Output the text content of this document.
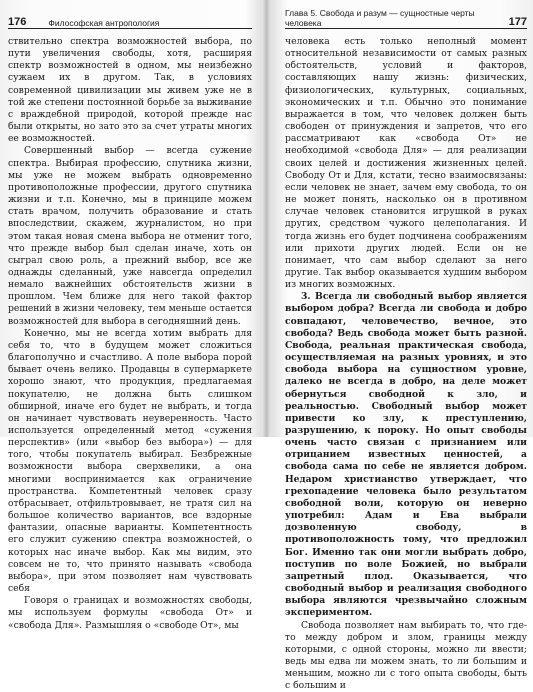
176	Философская антропология

ствительно спектра возможностей выбора, по пути увеличения свободы, хотя, расширяя спектр возможностей в одном, мы неизбежно сужаем их в другом. Так, в условиях современной цивилизации мы живем уже не в той же степени постоянной борьбе за выживание с враждебной природой, которой прежде нас были открыты, но зато это за счет утраты многих ее возможностей.

Совершенный выбор — всегда сужение спектра. Выбирая профессию, спутника жизни, мы уже не можем выбрать одновременно противоположные профессии, другого спутника жизни и т.п. Конечно, мы в принципе можем стать врачом, получить образование и стать впоследствии, скажем, журналистом, но при этом такая новая смена выбора не отменит того, что прежде выбор был сделан иначе, хоть он сыграл свою роль, а прежний выбор, все же однажды сделанный, уже навсегда определил немало важнейших обстоятельств жизни в прошлом. Чем ближе для него такой фактор решений в жизни человеку, тем меньше остается возможностей для выбора в сегодняшний день.

Конечно, мы не всегда хотим выбрать для себя то, что в будущем может сложиться благополучно и счастливо. А поле выбора порой бывает очень велико. Продавцы в супермаркете хорошо знают, что продукция, предлагаемая покупателю, не должна быть слишком обширной, иначе его будет не выбрать, и тогда он начинает чувствовать неуверенность. Часто используется определенный метод «сужения перспектив» (или «выбор без выбора») — для того, чтобы покупатель выбирал. Безбрежные возможности выбора сверхвелики, а она многими воспринимается как ограничение пространства. Компетентный человек сразу отбрасывает, отфильтровывает, не тратя сил на большое количество вариантов, все вздорные фантазии, опасные варианты. Компетентность его служит сужению спектра возможностей, о которых нас иначе выбор. Как мы видим, это совсем не то, что принято называть «свобода выбора», при этом позволяет нам чувствовать себя

Говоря о границах и возможностях свободы, мы используем формулы «свобода От» и «свобода Для». Размышляя о «свободе От», мы

Глава 5. Свобода и разум — сущностные черты человека	177

человека есть только неполный момент относительной независимости от самых разных обстоятельств, условий и факторов, составляющих нашу жизнь: физических, физиологических, культурных, социальных, экономических и т.п. Обычно это понимание выражается в том, что человек должен быть свободен от принуждения и запретов, что его рассматривают как «свобода От» не необходимой «свобода Для» — для реализации своих целей и достижения жизненных целей. Свободу От и Для, кстати, тесно взаимосвязаны: если человек не знает, зачем ему свобода, то он не может понять, насколько он в противном случае человек становится игрушкой в руках других, средством чужого целеполагания. И тогда жизнь его будет подчинена соображениям или прихоти других людей. Если он не понимает, что сам выбор сделают за него другие. Так выбор оказывается худшим выбором из многих возможных.

3. Всегда ли свободный выбор является выбором добра? Всегда ли свобода и добро совпадают, человечество, вечное, это свобода? Ведь свобода может быть разной. Свобода, реальная практическая свобода, осуществляемая на разных уровнях, и это свобода выбора на сущностном уровне, далеко не всегда в добро, на деле может обернуться свободной к зло, и реальностью. Свободный выбор может привести ко злу, к преступлению, разрушению, к пороку. Но опыт свободы очень часто связан с признанием или отрицанием известных ценностей, а свобода сама по себе не является добром. Недаром христианство утверждает, что грехопадение человека было результатом свободной воли, которую он неверно употребил: Адам и Ева выбрали дозволенную свободу, в противоположность тому, что предложил Бог. Именно так они могли выбрать добро, поступив по воле Божией, но выбрали запретный плод. Оказывается, что свободный выбор и реализация свободного выбора являются чрезвычайно сложным экспериментом.

Свобода позволяет нам выбирать то, что где-то между добром и злом, границы между которыми, с одной стороны, можно ли ввести; ведь мы едва ли можем знать, то ли большим и меньшим, можно ли с того опыта свободы, быть с большим и
